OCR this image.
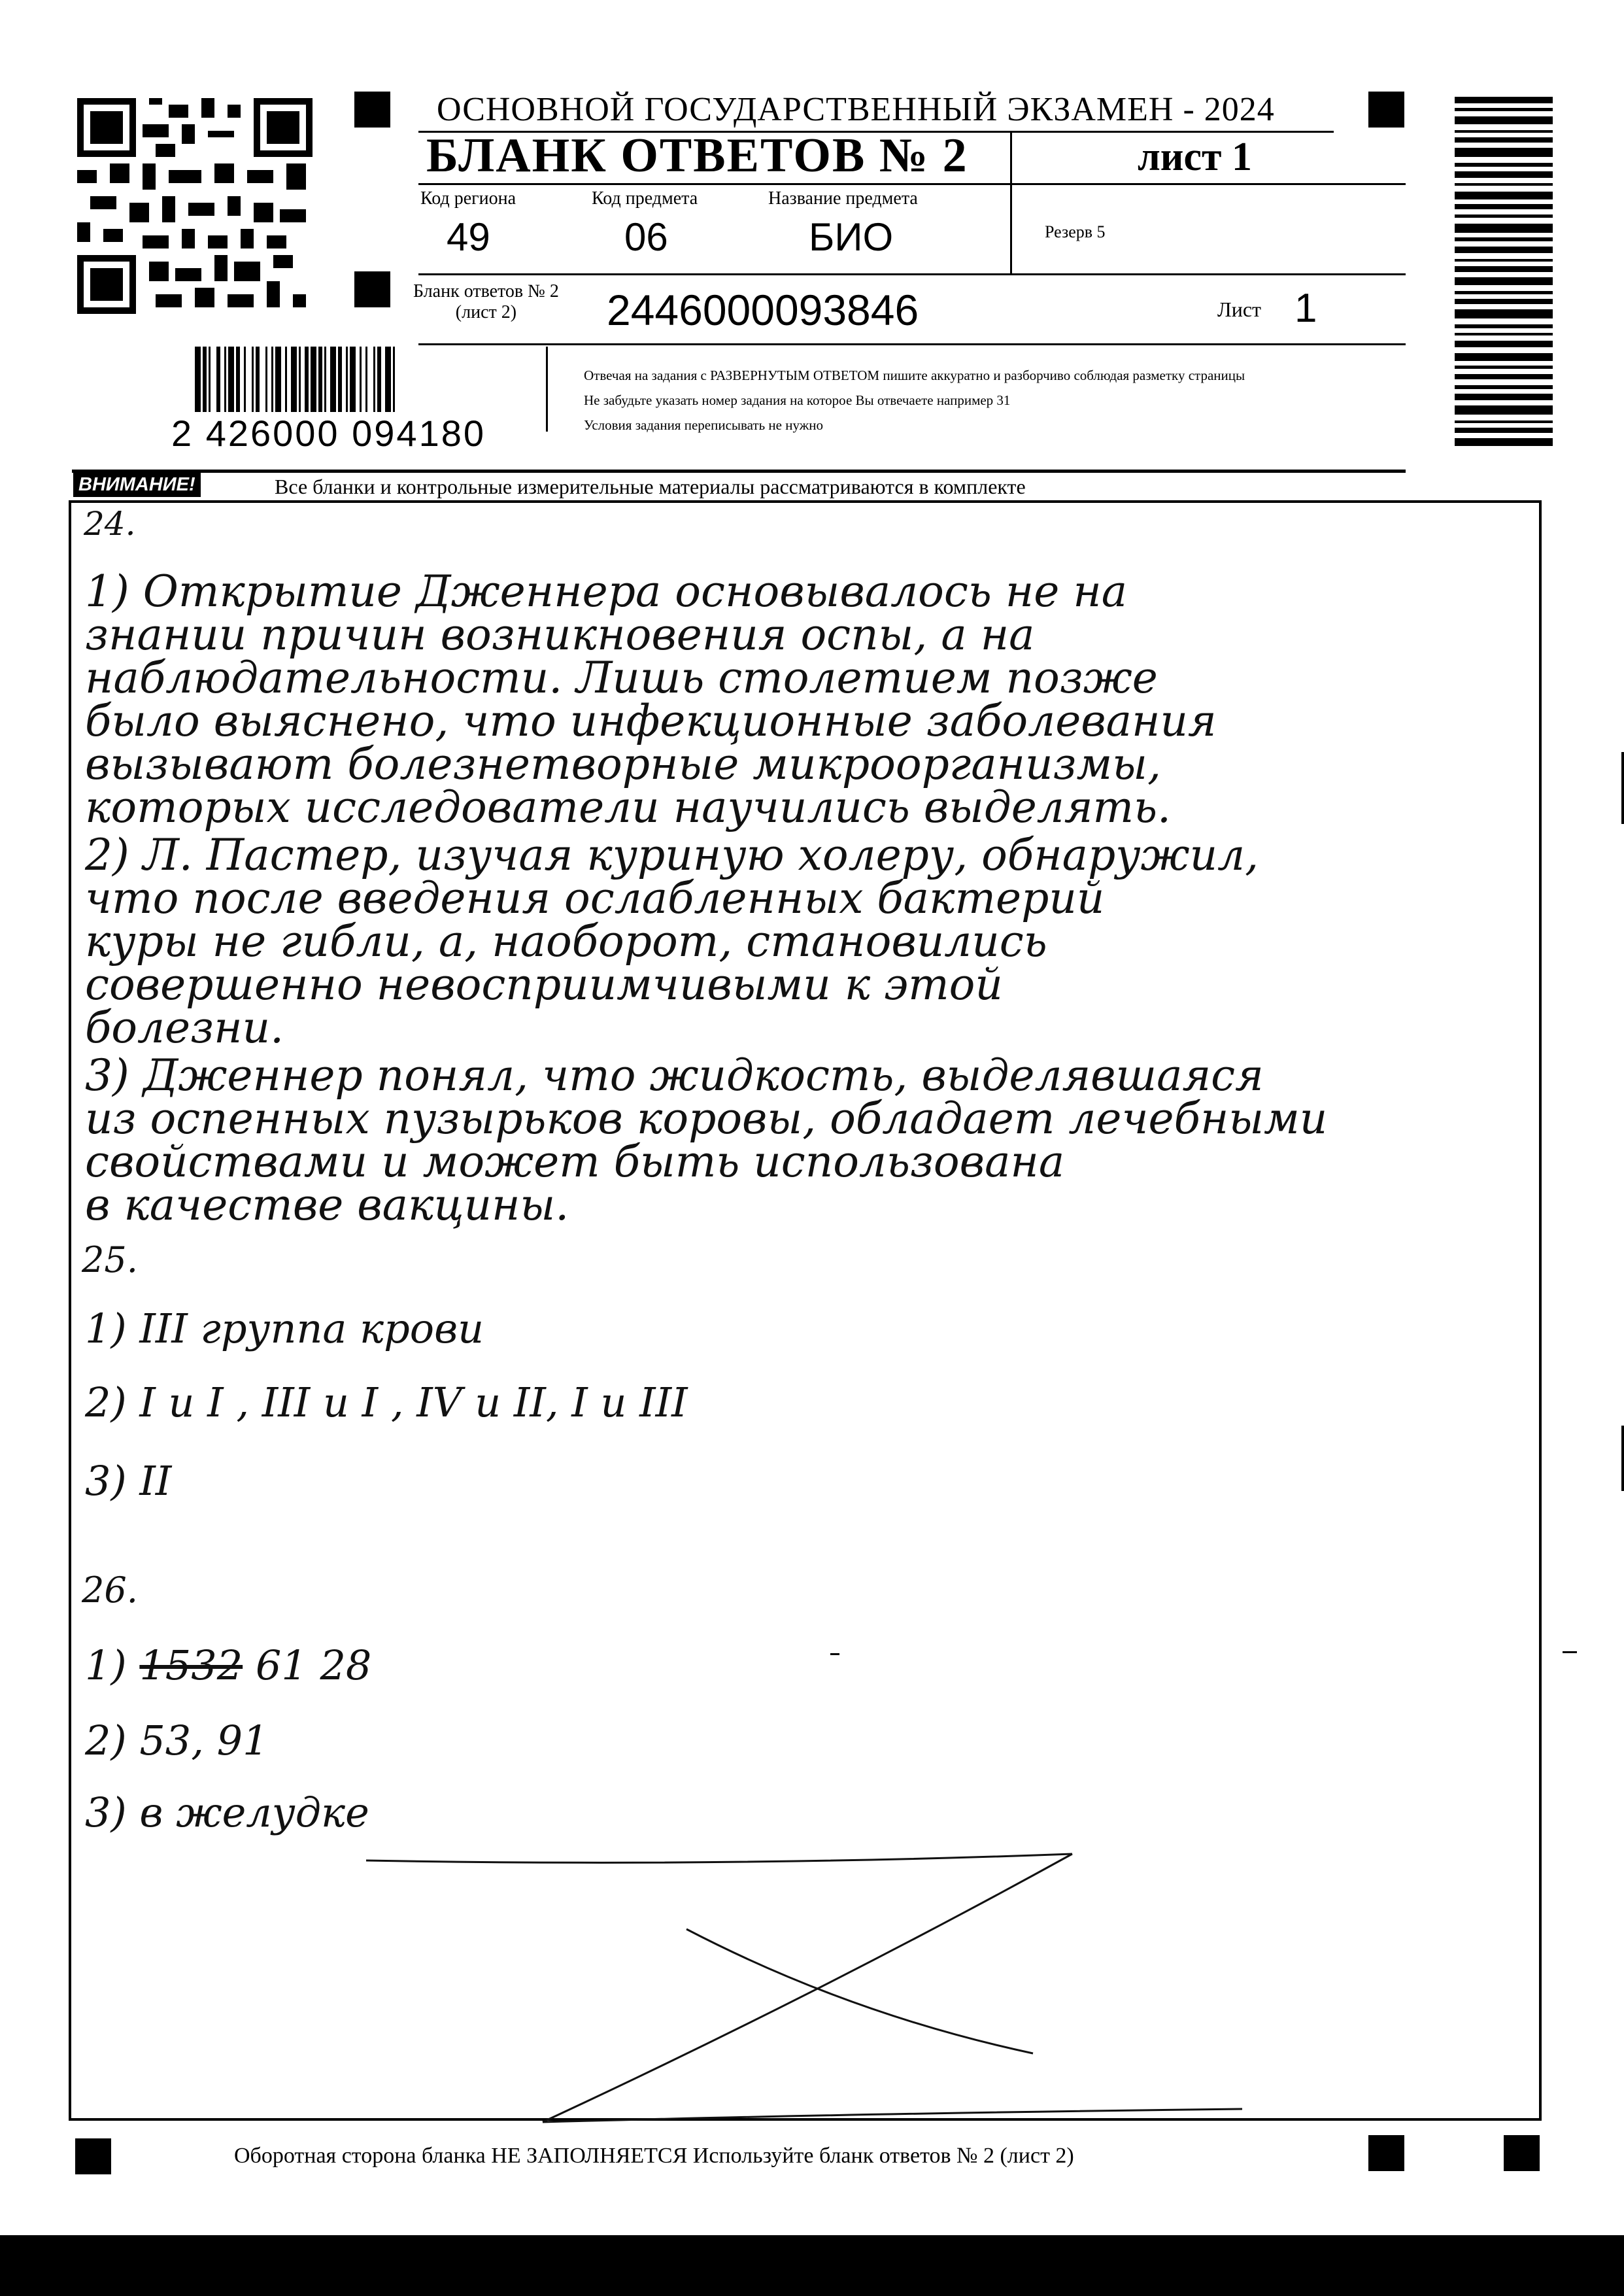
ОСНОВНОЙ ГОСУДАРСТВЕННЫЙ ЭКЗАМЕН - 2024
БЛАНК ОТВЕТОВ № 2	лист 1
Код региона
49
Код предмета
06
Название предмета
БИО	Резерв 5
Бланк ответов № 2
(лист 2)	2446000093846	Лист 1
2 426000 094180
Отвечая на задания с РАЗВЕРНУТЫМ ОТВЕТОМ пишите аккуратно и разборчиво соблюдая разметку страницы
Не забудьте указать номер задания на которое Вы отвечаете например 31
Условия задания переписывать не нужно
ВНИМАНИЕ!	Все бланки и контрольные измерительные материалы рассматриваются в комплекте
24.
1) Открытие Дженнера основывалось не на
знании причин возникновения оспы, а на
наблюдательности. Лишь столетием позже
было выяснено, что инфекционные заболевания
вызывают болезнетворные микроорганизмы,
которых исследователи научились выделять.
2) Л. Пастер, изучая куриную холеру, обнаружил,
что после введения ослабленных бактерий
куры не гибли, а, наоборот, становились
совершенно невосприимчивыми к этой
болезни.
3) Дженнер понял, что жидкость, выделявшаяся
из оспенных пузырьков коровы, обладает лечебными
свойствами и может быть использована
в качестве вакцины.
25.
1) III группа крови
2) I и I , III и I , IV и II, I и III
3) II
26.
1) 1532 61 28
2) 53, 91
3) в желудке
Оборотная сторона бланка НЕ ЗАПОЛНЯЕТСЯ Используйте бланк ответов № 2 (лист 2)
